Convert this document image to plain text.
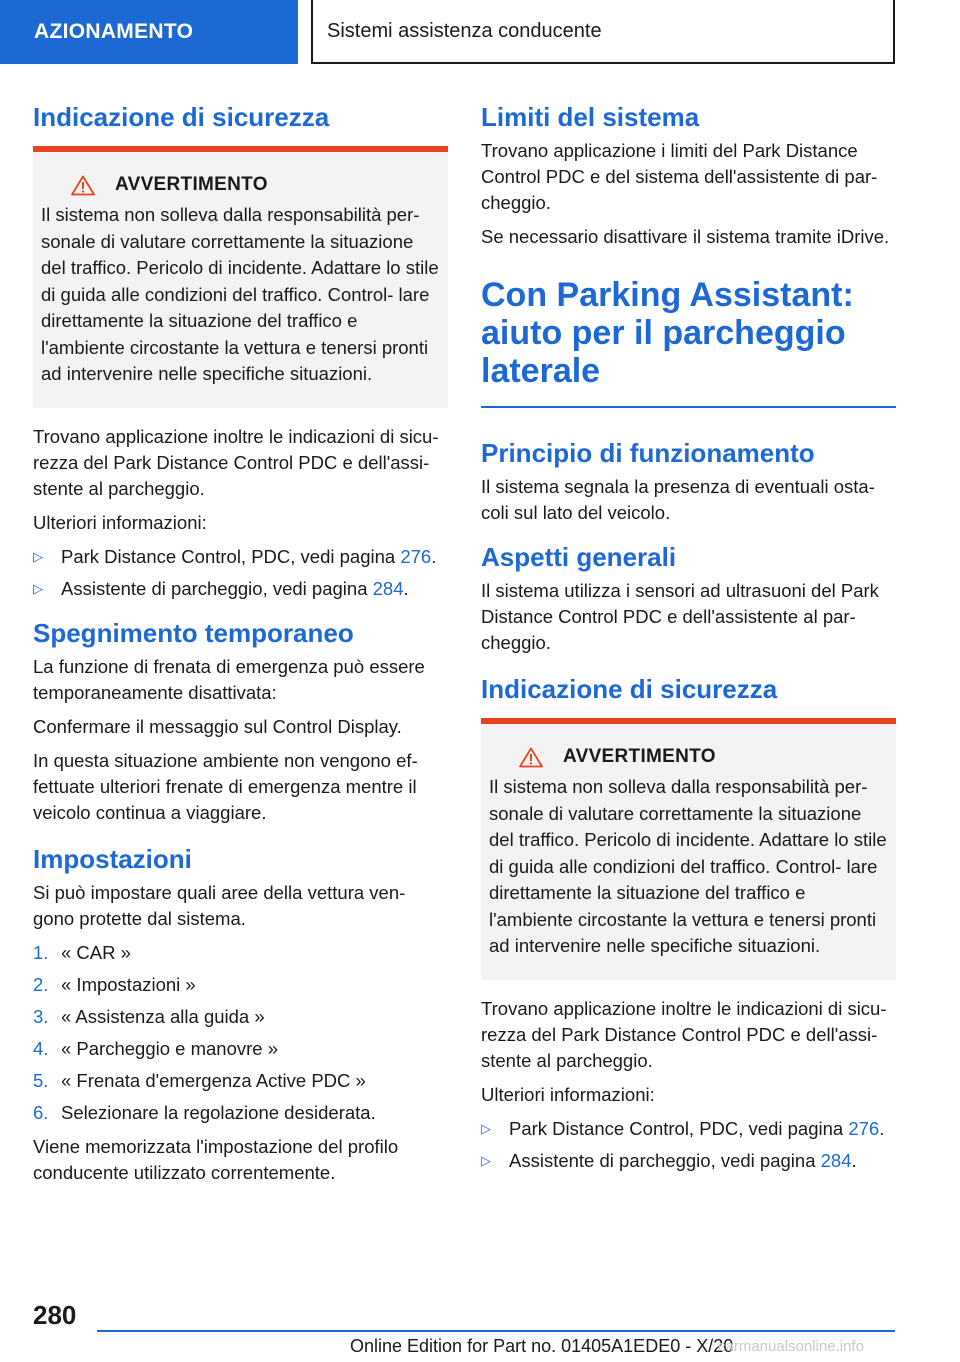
AZIONAMENTO	Sistemi assistenza conducente
Indicazione di sicurezza
AVVERTIMENTO
Il sistema non solleva dalla responsabilità per- sonale di valutare correttamente la situazione del traffico. Pericolo di incidente. Adattare lo stile di guida alle condizioni del traffico. Control- lare direttamente la situazione del traffico e l'ambiente circostante la vettura e tenersi pronti ad intervenire nelle specifiche situazioni.

Trovano applicazione inoltre le indicazioni di sicu- rezza del Park Distance Control PDC e dell'assi- stente al parcheggio.

Ulteriori informazioni:

▷ Park Distance Control, PDC, vedi pagina 276.
▷ Assistente di parcheggio, vedi pagina 284.
Spegnimento temporaneo

La funzione di frenata di emergenza può essere temporaneamente disattivata:

Confermare il messaggio sul Control Display.

In questa situazione ambiente non vengono ef- fettuate ulteriori frenate di emergenza mentre il veicolo continua a viaggiare.

Impostazioni

Si può impostare quali aree della vettura ven- gono protette dal sistema.

1. « CAR »
2. « Impostazioni »
3. « Assistenza alla guida »
4. « Parcheggio e manovre »
5. « Frenata d'emergenza Active PDC »
6. Selezionare la regolazione desiderata.

Viene memorizzata l'impostazione del profilo conducente utilizzato correntemente.

Limiti del sistema

Trovano applicazione i limiti del Park Distance Control PDC e del sistema dell'assistente di par- cheggio.

Se necessario disattivare il sistema tramite iDrive.

Con Parking Assistant: aiuto per il parcheggio laterale
Principio di funzionamento

Il sistema segnala la presenza di eventuali osta- coli sul lato del veicolo.

Aspetti generali

Il sistema utilizza i sensori ad ultrasuoni del Park Distance Control PDC e dell'assistente al par- cheggio.

Indicazione di sicurezza
AVVERTIMENTO
Il sistema non solleva dalla responsabilità per- sonale di valutare correttamente la situazione del traffico. Pericolo di incidente. Adattare lo stile di guida alle condizioni del traffico. Control- lare direttamente la situazione del traffico e l'ambiente circostante la vettura e tenersi pronti ad intervenire nelle specifiche situazioni.

Trovano applicazione inoltre le indicazioni di sicu- rezza del Park Distance Control PDC e dell'assi- stente al parcheggio.

Ulteriori informazioni:

▷ Park Distance Control, PDC, vedi pagina 276.
▷ Assistente di parcheggio, vedi pagina 284.
280
Online Edition for Part no. 01405A1EDE0 - X/20
carmanualsonline.info
